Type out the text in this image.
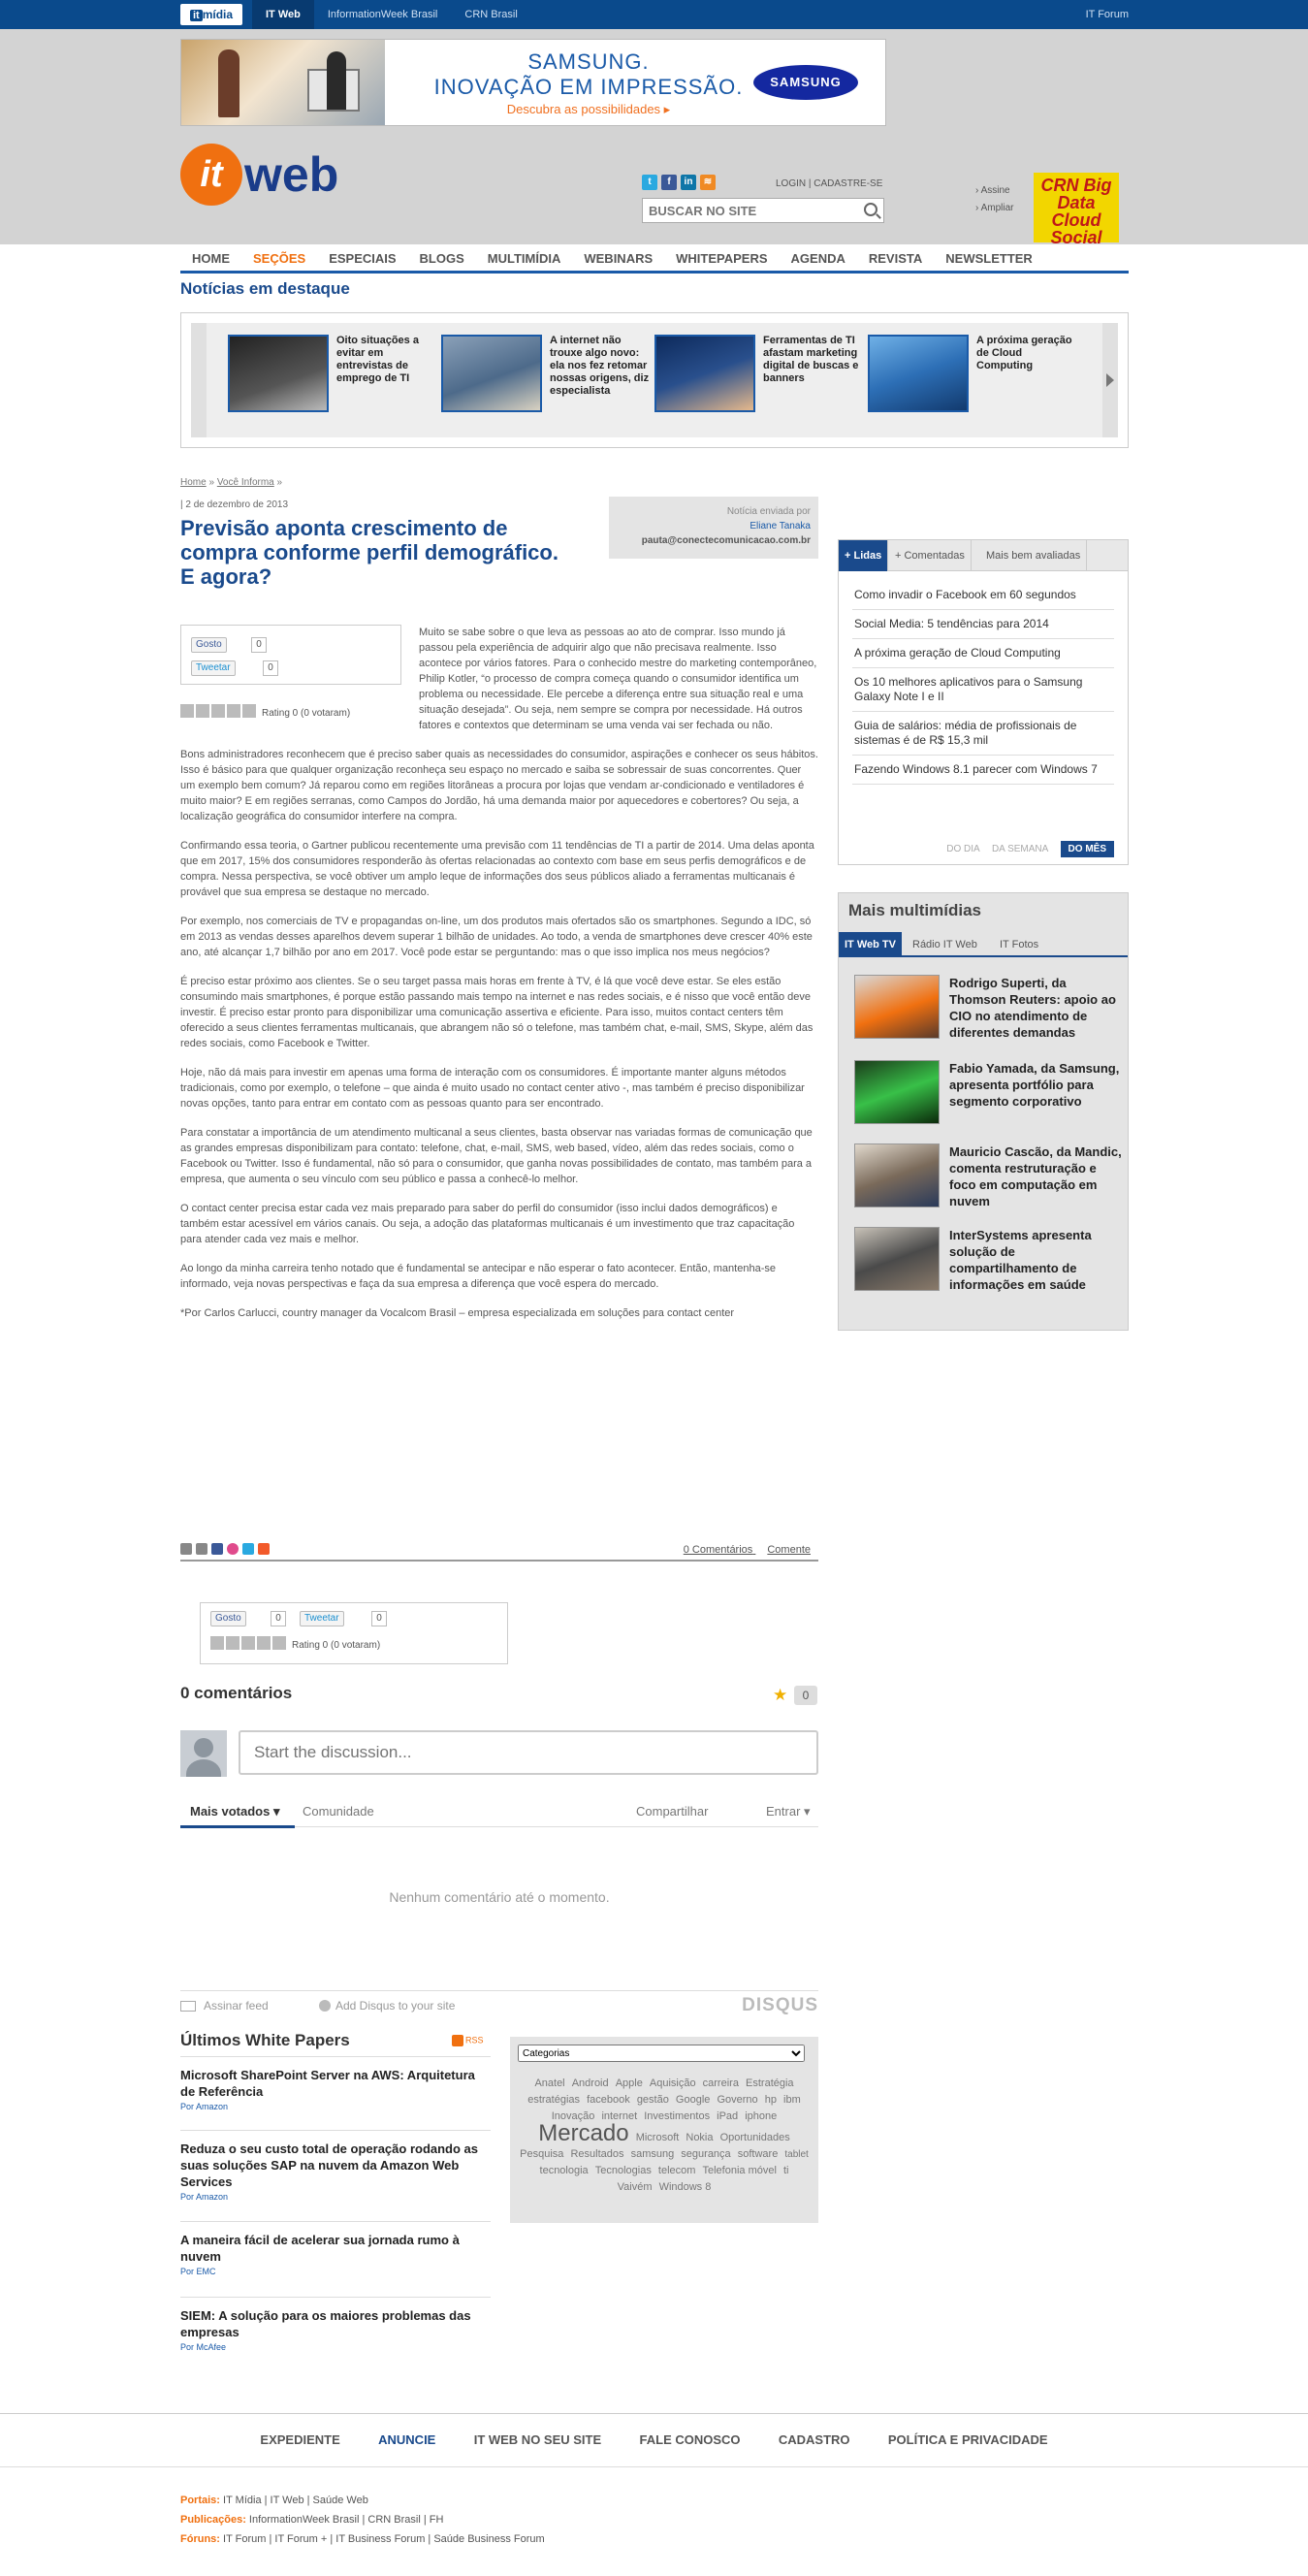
it mídia	IT Web	InformationWeek Brasil	CRN Brasil	IT Forum
SAMSUNG.
INOVAÇÃO EM IMPRESSÃO.
Descubra as possibilidades ▸
SAMSUNG
it web	t	f	in	≋	LOGIN | CADASTRE-SE
BUSCAR NO SITE
› Assine
› Ampliar
CRN Big Data Cloud Social
HOME	SEÇÕES	ESPECIAIS	BLOGS	MULTIMÍDIA	WEBINARS	WHITEPAPERS	AGENDA	REVISTA	NEWSLETTER
Notícias em destaque
Oito situações a evitar em entrevistas de emprego de TI
A internet não trouxe algo novo: ela nos fez retomar nossas origens, diz especialista
Ferramentas de TI afastam marketing digital de buscas e banners
A próxima geração de Cloud Computing
Home » Você Informa »
| 2 de dezembro de 2013
Previsão aponta crescimento de compra conforme perfil demográfico. E agora?
Notícia enviada por
Eliane Tanaka
pauta@conectecomunicacao.com.br

Muito se sabe sobre o que leva as pessoas ao ato de comprar. Isso mundo já passou pela experiência de adquirir algo que não precisava realmente. Isso acontece por vários fatores. Para o conhecido mestre do marketing contemporâneo, Philip Kotler, “o processo de compra começa quando o consumidor identifica um problema ou necessidade. Ele percebe a diferença entre sua situação real e uma situação desejada”. Ou seja, nem sempre se compra por necessidade. Há outros fatores e contextos que determinam se uma venda vai ser fechada ou não.

Bons administradores reconhecem que é preciso saber quais as necessidades do consumidor, aspirações e conhecer os seus hábitos. Isso é básico para que qualquer organização reconheça seu espaço no mercado e saiba se sobressair de suas concorrentes. Quer um exemplo bem comum? Já reparou como em regiões litorâneas a procura por lojas que vendam ar-condicionado e ventiladores é muito maior? E em regiões serranas, como Campos do Jordão, há uma demanda maior por aquecedores e cobertores? Ou seja, a localização geográfica do consumidor interfere na compra.

Confirmando essa teoria, o Gartner publicou recentemente uma previsão com 11 tendências de TI a partir de 2014. Uma delas aponta que em 2017, 15% dos consumidores responderão às ofertas relacionadas ao contexto com base em seus perfis demográficos e de compra. Nessa perspectiva, se você obtiver um amplo leque de informações dos seus públicos aliado a ferramentas multicanais é provável que sua empresa se destaque no mercado.

Por exemplo, nos comerciais de TV e propagandas on-line, um dos produtos mais ofertados são os smartphones. Segundo a IDC, só em 2013 as vendas desses aparelhos devem superar 1 bilhão de unidades. Ao todo, a venda de smartphones deve crescer 40% este ano, até alcançar 1,7 bilhão por ano em 2017. Você pode estar se perguntando: mas o que isso implica nos meus negócios?

É preciso estar próximo aos clientes. Se o seu target passa mais horas em frente à TV, é lá que você deve estar. Se eles estão consumindo mais smartphones, é porque estão passando mais tempo na internet e nas redes sociais, e é nisso que você então deve investir. É preciso estar pronto para disponibilizar uma comunicação assertiva e eficiente. Para isso, muitos contact centers têm oferecido a seus clientes ferramentas multicanais, que abrangem não só o telefone, mas também chat, e-mail, SMS, Skype, além das redes sociais, como Facebook e Twitter.

Hoje, não dá mais para investir em apenas uma forma de interação com os consumidores. É importante manter alguns métodos tradicionais, como por exemplo, o telefone – que ainda é muito usado no contact center ativo -, mas também é preciso disponibilizar novas opções, tanto para entrar em contato com as pessoas quanto para ser encontrado.

Para constatar a importância de um atendimento multicanal a seus clientes, basta observar nas variadas formas de comunicação que as grandes empresas disponibilizam para contato: telefone, chat, e-mail, SMS, web based, vídeo, além das redes sociais, como o Facebook ou Twitter. Isso é fundamental, não só para o consumidor, que ganha novas possibilidades de contato, mas também para a empresa, que aumenta o seu vínculo com seu público e passa a conhecê-lo melhor.

O contact center precisa estar cada vez mais preparado para saber do perfil do consumidor (isso inclui dados demográficos) e também estar acessível em vários canais. Ou seja, a adoção das plataformas multicanais é um investimento que traz capacitação para atender cada vez mais e melhor.

Ao longo da minha carreira tenho notado que é fundamental se antecipar e não esperar o fato acontecer. Então, mantenha-se informado, veja novas perspectivas e faça da sua empresa a diferença que você espera do mercado.

*Por Carlos Carlucci, country manager da Vocalcom Brasil – empresa especializada em soluções para contact center

Gosto	0
Tweetar	0
Rating 0 (0 votaram)
0 Comentários Comente
Gosto	0	Tweetar	0
Rating 0 (0 votaram)
0 comentários	★	0
Start the discussion...
Mais votados ▾ Comunidade	Compartilhar	Entrar ▾
Nenhum comentário até o momento.
Assinar feed	Add Disqus to your site	DISQUS
Últimos White Papers	RSS
Microsoft SharePoint Server na AWS: Arquitetura de Referência
Por Amazon
Reduza o seu custo total de operação rodando as suas soluções SAP na nuvem da Amazon Web Services
Por Amazon
A maneira fácil de acelerar sua jornada rumo à nuvem
Por EMC
SIEM: A solução para os maiores problemas das empresas
Por McAfee
Categorias
Anatel Android Apple Aquisição carreira Estratégia estratégias facebook gestão Google Governo hp ibm Inovação internet Investimentos iPad iphone Mercado Microsoft Nokia Oportunidades Pesquisa Resultados samsung segurança software tablet tecnologia Tecnologias telecom Telefonia móvel ti Vaivém Windows 8
+ Lidas	+ Comentadas	Mais bem avaliadas
Como invadir o Facebook em 60 segundos
Social Media: 5 tendências para 2014
A próxima geração de Cloud Computing
Os 10 melhores aplicativos para o Samsung Galaxy Note I e II
Guia de salários: média de profissionais de sistemas é de R$ 15,3 mil
Fazendo Windows 8.1 parecer com Windows 7
DO DIA DA SEMANA DO MÊS
Mais multimídias
IT Web TV	Rádio IT Web	IT Fotos
Rodrigo Superti, da Thomson Reuters: apoio ao CIO no atendimento de diferentes demandas
Fabio Yamada, da Samsung, apresenta portfólio para segmento corporativo
Mauricio Cascão, da Mandic, comenta restruturação e foco em computação em nuvem
InterSystems apresenta solução de compartilhamento de informações em saúde
EXPEDIENTE	ANUNCIE	IT WEB NO SEU SITE	FALE CONOSCO	CADASTRO	POLÍTICA E PRIVACIDADE
Portais: IT Mídia | IT Web | Saúde Web
Publicações: InformationWeek Brasil | CRN Brasil | FH
Fóruns: IT Forum | IT Forum + | IT Business Forum | Saúde Business Forum
